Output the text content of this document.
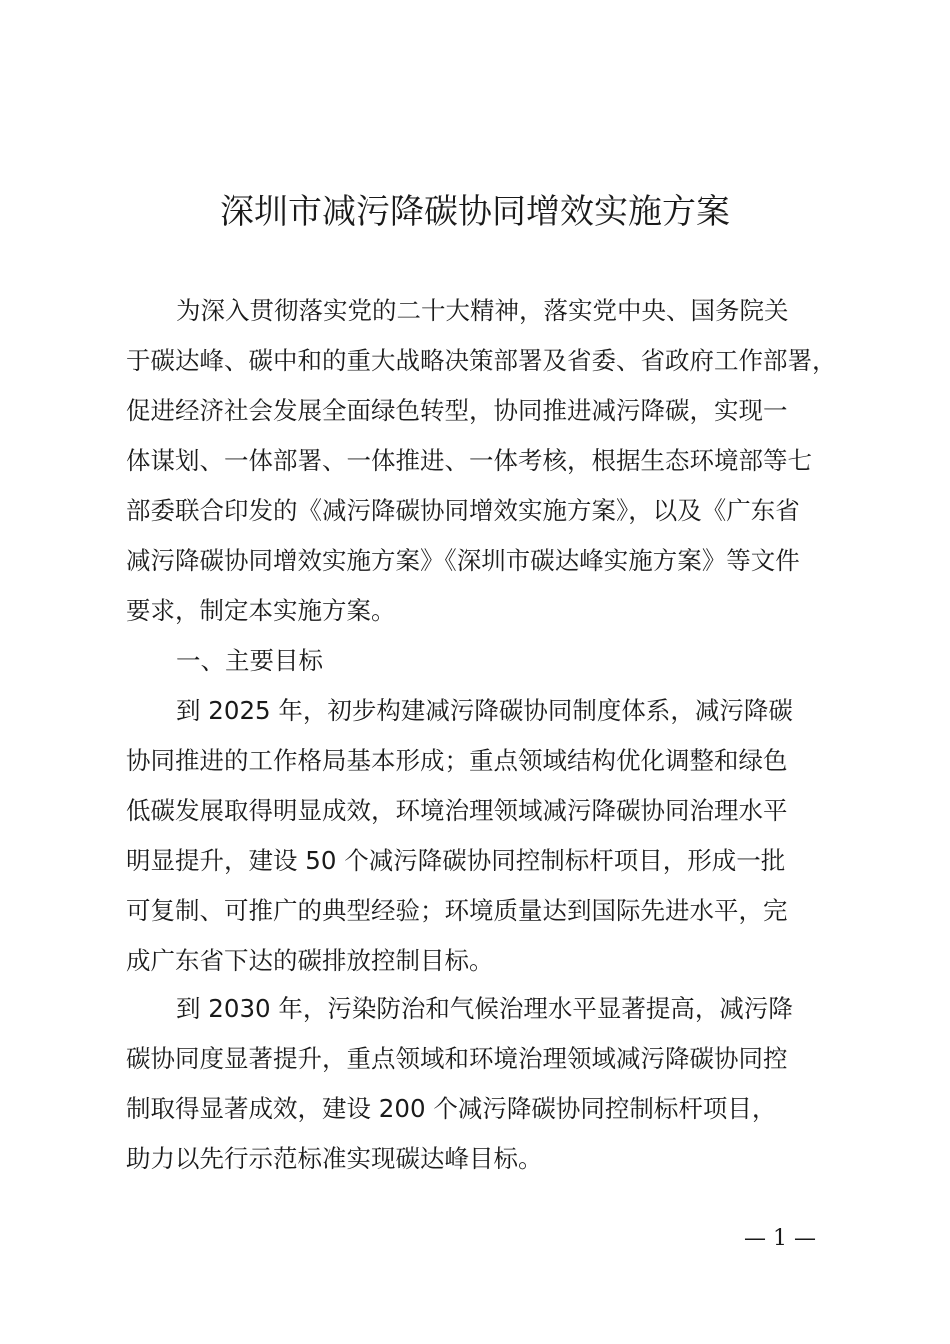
深圳市减污降碳协同增效实施方案
为深入贯彻落实党的二十大精神，落实党中央、国务院关
于碳达峰、碳中和的重大战略决策部署及省委、省政府工作部署，
促进经济社会发展全面绿色转型，协同推进减污降碳，实现一
体谋划、一体部署、一体推进、一体考核，根据生态环境部等七
部委联合印发的《减污降碳协同增效实施方案》，以及《广东省
减污降碳协同增效实施方案》《深圳市碳达峰实施方案》等文件
要求，制定本实施方案。
一、主要目标
到 2025 年，初步构建减污降碳协同制度体系，减污降碳
协同推进的工作格局基本形成；重点领域结构优化调整和绿色
低碳发展取得明显成效，环境治理领域减污降碳协同治理水平
明显提升，建设 50 个减污降碳协同控制标杆项目，形成一批
可复制、可推广的典型经验；环境质量达到国际先进水平，完
成广东省下达的碳排放控制目标。
到 2030 年，污染防治和气候治理水平显著提高，减污降
碳协同度显著提升，重点领域和环境治理领域减污降碳协同控
制取得显著成效，建设 200 个减污降碳协同控制标杆项目，
助力以先行示范标准实现碳达峰目标。
— 1 —
